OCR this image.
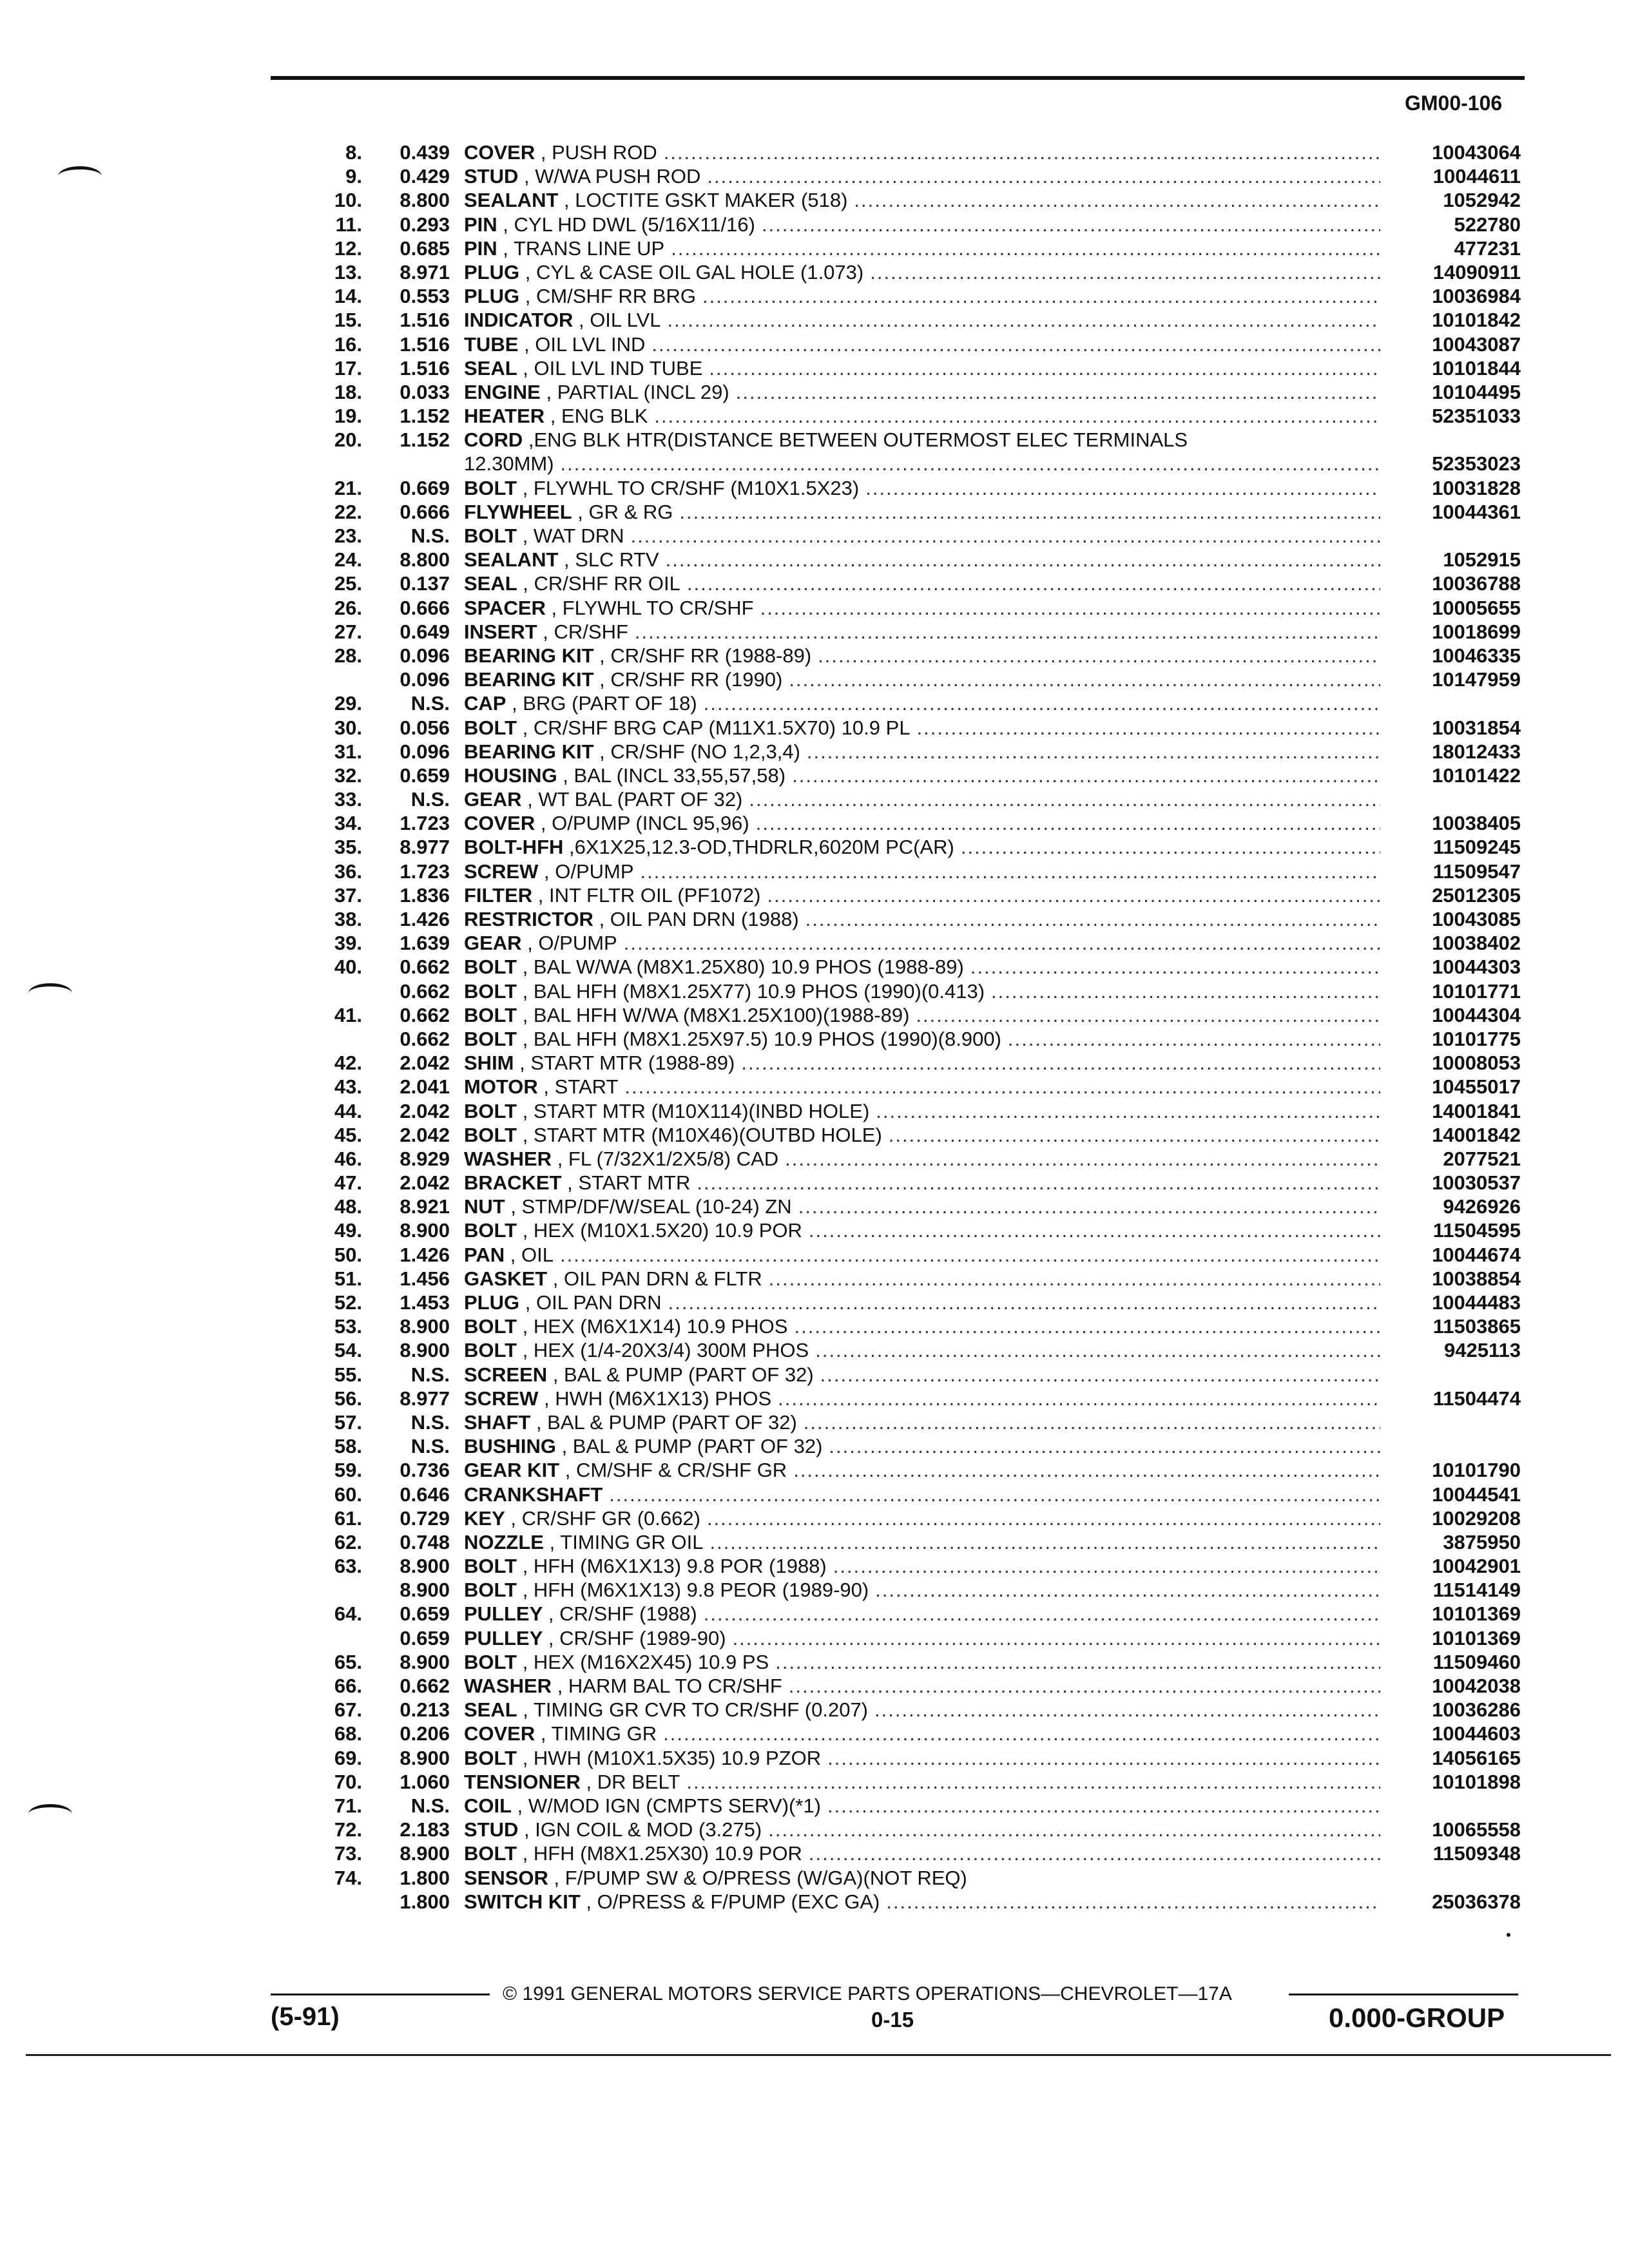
GM00-106
8.	0.439 COVER , PUSH ROD .....	10043064
9.	0.429 STUD , W/WA PUSH ROD .....	10044611
10.	8.800 SEALANT , LOCTITE GSKT MAKER (518) .....	1052942
11.	0.293 PIN , CYL HD DWL (5/16X11/16) .....	522780
12.	0.685 PIN , TRANS LINE UP .....	477231
13.	8.971 PLUG , CYL & CASE OIL GAL HOLE (1.073) .....	14090911
14.	0.553 PLUG , CM/SHF RR BRG .....	10036984
15.	1.516 INDICATOR , OIL LVL .....	10101842
16.	1.516 TUBE , OIL LVL IND .....	10043087
17.	1.516 SEAL , OIL LVL IND TUBE .....	10101844
18.	0.033 ENGINE , PARTIAL (INCL 29) .....	10104495
19.	1.152 HEATER , ENG BLK .....	52351033
20.	1.152 CORD ,ENG BLK HTR(DISTANCE BETWEEN OUTERMOST ELEC TERMINALS
12.30MM) .....	52353023
21.	0.669 BOLT , FLYWHL TO CR/SHF (M10X1.5X23) .....	10031828
22.	0.666 FLYWHEEL , GR & RG .....	10044361
23.	N.S. BOLT , WAT DRN
.....
24.	8.800 SEALANT , SLC RTV .....	1052915
25.	0.137 SEAL , CR/SHF RR OIL .....	10036788
26.	0.666 SPACER , FLYWHL TO CR/SHF .....	10005655
27.	0.649 INSERT , CR/SHF .....	10018699
28.	0.096 BEARING KIT , CR/SHF RR (1988-89) .....	10046335
0.096 BEARING KIT , CR/SHF RR (1990) .....	10147959
29.	N.S. CAP , BRG (PART OF 18)
.....
30.	0.056 BOLT , CR/SHF BRG CAP (M11X1.5X70) 10.9 PL .....	10031854
31.	0.096 BEARING KIT , CR/SHF (NO 1,2,3,4) .....	18012433
32.	0.659 HOUSING , BAL (INCL 33,55,57,58) .....	10101422
33.	N.S. GEAR , WT BAL (PART OF 32)
.....
34.	1.723 COVER , O/PUMP (INCL 95,96) .....	10038405
35.	8.977 BOLT-HFH ,6X1X25,12.3-OD,THDRLR,6020M PC(AR) .....	11509245
36.	1.723 SCREW , O/PUMP .....	11509547
37.	1.836 FILTER , INT FLTR OIL (PF1072) .....	25012305
38.	1.426 RESTRICTOR , OIL PAN DRN (1988) .....	10043085
39.	1.639 GEAR , O/PUMP .....	10038402
40.	0.662 BOLT , BAL W/WA (M8X1.25X80) 10.9 PHOS (1988-89) .....	10044303
0.662 BOLT , BAL HFH (M8X1.25X77) 10.9 PHOS (1990)(0.413) .....	10101771
41.	0.662 BOLT , BAL HFH W/WA (M8X1.25X100)(1988-89) .....	10044304
0.662 BOLT , BAL HFH (M8X1.25X97.5) 10.9 PHOS (1990)(8.900) .....	10101775
42.	2.042 SHIM , START MTR (1988-89) .....	10008053
43.	2.041 MOTOR , START .....	10455017
44.	2.042 BOLT , START MTR (M10X114)(INBD HOLE) .....	14001841
45.	2.042 BOLT , START MTR (M10X46)(OUTBD HOLE) .....	14001842
46.	8.929 WASHER , FL (7/32X1/2X5/8) CAD .....	2077521
47.	2.042 BRACKET , START MTR .....	10030537
48.	8.921 NUT , STMP/DF/W/SEAL (10-24) ZN .....	9426926
49.	8.900 BOLT , HEX (M10X1.5X20) 10.9 POR .....	11504595
50.	1.426 PAN , OIL .....	10044674
51.	1.456 GASKET , OIL PAN DRN & FLTR .....	10038854
52.	1.453 PLUG , OIL PAN DRN .....	10044483
53.	8.900 BOLT , HEX (M6X1X14) 10.9 PHOS .....	11503865
54.	8.900 BOLT , HEX (1/4-20X3/4) 300M PHOS .....	9425113
55.	N.S. SCREEN , BAL & PUMP (PART OF 32)
.....
56.	8.977 SCREW , HWH (M6X1X13) PHOS .....	11504474
57.	N.S. SHAFT , BAL & PUMP (PART OF 32)
.....
58.	N.S. BUSHING , BAL & PUMP (PART OF 32)
.....
59.	0.736 GEAR KIT , CM/SHF & CR/SHF GR .....	10101790
60.	0.646 CRANKSHAFT .....	10044541
61.	0.729 KEY , CR/SHF GR (0.662) .....	10029208
62.	0.748 NOZZLE , TIMING GR OIL .....	3875950
63.	8.900 BOLT , HFH (M6X1X13) 9.8 POR (1988) .....	10042901
8.900 BOLT , HFH (M6X1X13) 9.8 PEOR (1989-90) .....	11514149
64.	0.659 PULLEY , CR/SHF (1988) .....	10101369
0.659 PULLEY , CR/SHF (1989-90) .....	10101369
65.	8.900 BOLT , HEX (M16X2X45) 10.9 PS .....	11509460
66.	0.662 WASHER , HARM BAL TO CR/SHF .....	10042038
67.	0.213 SEAL , TIMING GR CVR TO CR/SHF (0.207) .....	10036286
68.	0.206 COVER , TIMING GR .....	10044603
69.	8.900 BOLT , HWH (M10X1.5X35) 10.9 PZOR .....	14056165
70.	1.060 TENSIONER , DR BELT .....	10101898
71.	N.S. COIL , W/MOD IGN (CMPTS SERV)(*1)
.....
72.	2.183 STUD , IGN COIL & MOD (3.275) .....	10065558
73.	8.900 BOLT , HFH (M8X1.25X30) 10.9 POR .....	11509348
74.	1.800 SENSOR , F/PUMP SW & O/PRESS (W/GA)(NOT REQ)
1.800 SWITCH KIT , O/PRESS & F/PUMP (EXC GA) .....	25036378
© 1991 GENERAL MOTORS SERVICE PARTS OPERATIONS—CHEVROLET—17A
(5-91)	0-15	0.000-GROUP
